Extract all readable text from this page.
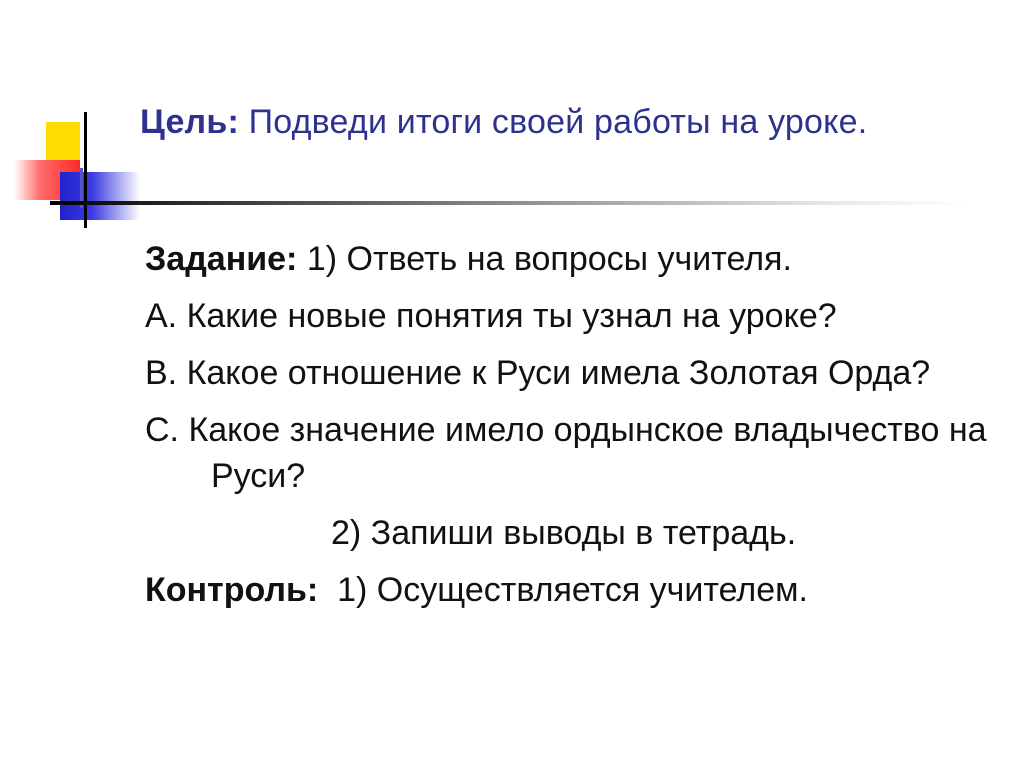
Цель: Подведи итоги своей работы на уроке.

Задание: 1) Ответь на вопросы учителя.

А. Какие новые понятия ты узнал на уроке?

В. Какое отношение к Руси имела Золотая Орда?

С. Какое значение имело ордынское владычество на Руси?

2) Запиши выводы в тетрадь.

Контроль:  1) Осуществляется учителем.
